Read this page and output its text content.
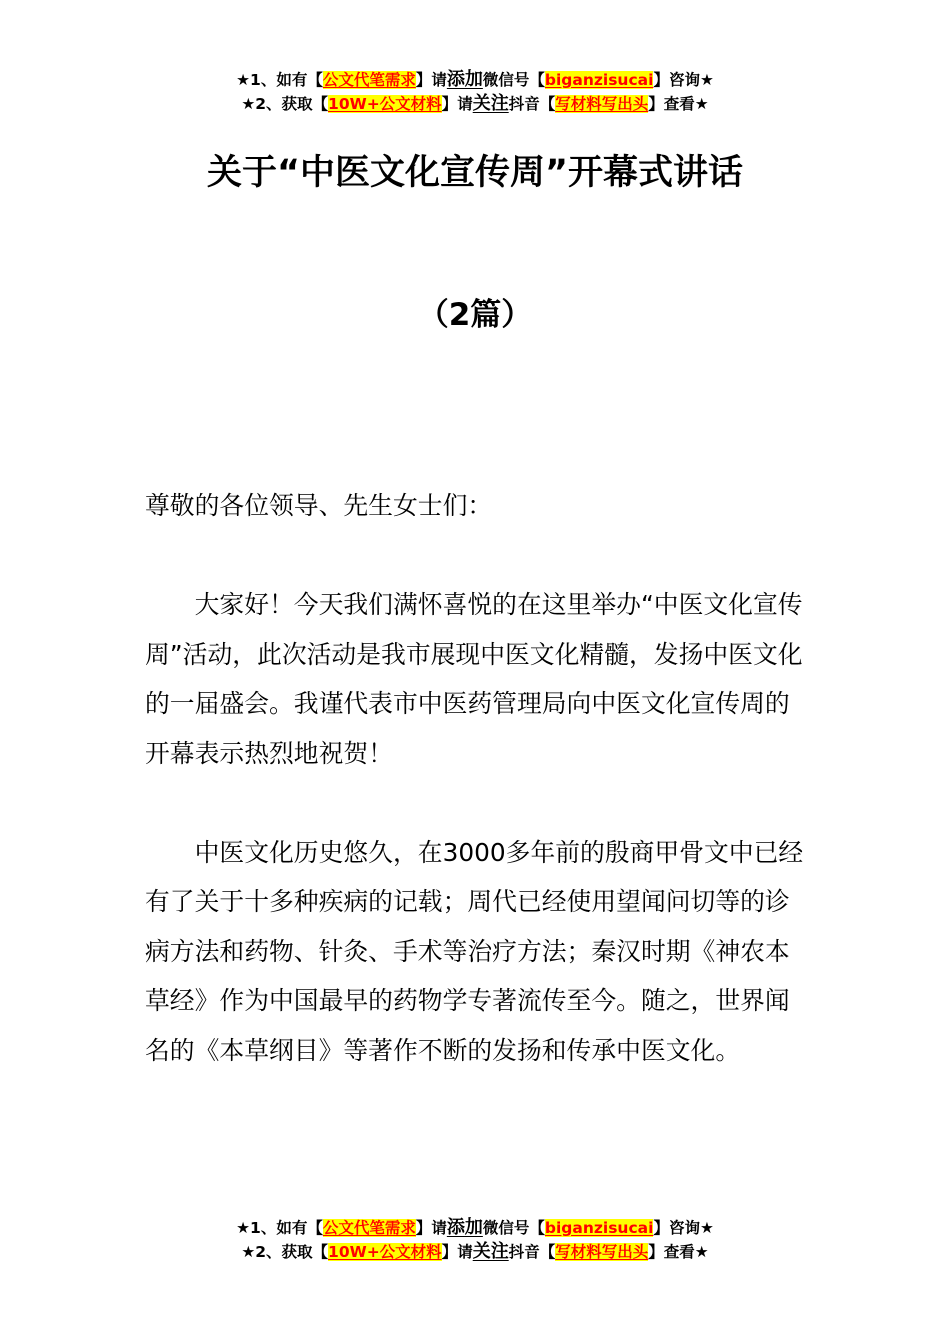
★1、如有【公文代笔需求】请添加微信号【biganzisucai】咨询★
★2、获取【10W+公文材料】请关注抖音【写材料写出头】查看★
关于“中医文化宣传周”开幕式讲话
（2篇）

尊敬的各位领导、先生女士们：

大家好！今天我们满怀喜悦的在这里举办“中医文化宣传周”活动，此次活动是我市展现中医文化精髓，发扬中医文化的一届盛会。我谨代表市中医药管理局向中医文化宣传周的开幕表示热烈地祝贺！

中医文化历史悠久，在3000多年前的殷商甲骨文中已经有了关于十多种疾病的记载；周代已经使用望闻问切等的诊病方法和药物、针灸、手术等治疗方法；秦汉时期《神农本草经》作为中国最早的药物学专著流传至今。随之，世界闻名的《本草纲目》等著作不断的发扬和传承中医文化。

★1、如有【公文代笔需求】请添加微信号【biganzisucai】咨询★
★2、获取【10W+公文材料】请关注抖音【写材料写出头】查看★
